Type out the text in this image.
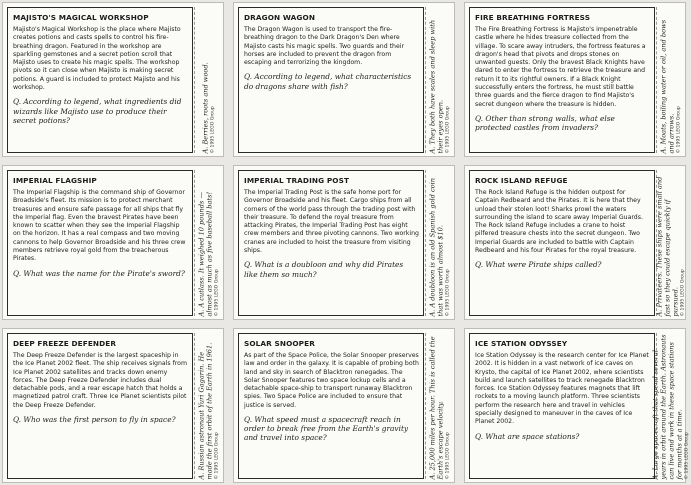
MAJISTO'S MAGICAL WORKSHOP

Majisto's Magical Workshop is the place where Majisto creates potions and casts spells to control his fire-breathing dragon. Featured in the workshop are sparkling gemstones and a secret potion scroll that Majisto uses to create his magic spells. The workshop pivots so it can close when Majisto is making secret potions. A guard is included to protect Majisto and his workshop.

Q. According to legend, what ingredients did wizards like Majisto use to produce their secret potions?	A. Berries, roots and wood. © 1995 LEGO Group

DRAGON WAGON

The Dragon Wagon is used to transport the fire-breathing dragon to the Dark Dragon's Den where Majisto casts his magic spells. Two guards and their horses are included to prevent the dragon from escaping and terrorizing the kingdom.

Q. According to legend, what characteristics do dragons share with fish?	A. They both have scales and sleep with their eyes open. © 1995 LEGO Group

FIRE BREATHING FORTRESS

The Fire Breathing Fortress is Majisto's impenetrable castle where he hides treasure collected from the village. To scare away intruders, the fortress features a dragon's head that pivots and drops stones on unwanted guests. Only the bravest Black Knights have dared to enter the fortress to retrieve the treasure and return it to its rightful owners. If a Black Knight successfully enters the fortress, he must still battle three guards and the fierce dragon to find Majisto's secret dungeon where the treasure is hidden.

Q. Other than strong walls, what else protected castles from invaders?	A. Moats, boiling water or oil, and bows and arrows. © 1995 LEGO Group

IMPERIAL FLAGSHIP

The Imperial Flagship is the command ship of Governor Broadside's fleet. Its mission is to protect merchant treasures and ensure safe passage for all ships that fly the Imperial flag. Even the bravest Pirates have been known to scatter when they see the Imperial Flagship on the horizon. It has a real compass and two moving cannons to help Governor Broadside and his three crew members retrieve royal gold from the treacherous Pirates.

Q. What was the name for the Pirate's sword?	A. A cutlass. It weighed 10 pounds — almost as much as five baseball bats! © 1995 LEGO Group

IMPERIAL TRADING POST

The Imperial Trading Post is the safe home port for Governor Broadside and his fleet. Cargo ships from all corners of the world pass through the trading post with their treasure. To defend the royal treasure from attacking Pirates, the Imperial Trading Post has eight crew members and three pivoting cannons. Two working cranes are included to hoist the treasure from visiting ships.

Q. What is a doubloon and why did Pirates like them so much?	A. A doubloon is an old Spanish gold coin that was worth almost $10. © 1995 LEGO Group

ROCK ISLAND REFUGE

The Rock Island Refuge is the hidden outpost for Captain Redbeard and the Pirates. It is here that they unload their stolen loot! Sharks prowl the waters surrounding the island to scare away Imperial Guards. The Rock Island Refuge includes a crane to hoist pilfered treasure chests into the secret dungeon. Two Imperial Guards are included to battle with Captain Redbeard and his four Pirates for the royal treasure.

Q. What were Pirate ships called?	A. Privateers. These ships were small and fast so they could escape quickly if pursued. © 1995 LEGO Group

DEEP FREEZE DEFENDER

The Deep Freeze Defender is the largest spaceship in the Ice Planet 2002 fleet. The ship receives signals from Ice Planet 2002 satellites and tracks down enemy forces. The Deep Freeze Defender includes dual detachable pods, and a rear escape hatch that holds a magnetized patrol craft. Three Ice Planet scientists pilot the Deep Freeze Defender.

Q. Who was the first person to fly in space?	A. Russian astronaut Yuri Gagarin. He made the first orbit of the Earth in 1961. © 1995 LEGO Group

SOLAR SNOOPER

As part of the Space Police, the Solar Snooper preserves law and order in the galaxy. It is capable of probing both land and sky in search of Blacktron renegades. The Solar Snooper features two space lockup cells and a detachable space-ship to transport runaway Blacktron spies. Two Space Police are included to ensure that justice is served.

Q. What speed must a spacecraft reach in order to break free from the Earth's gravity and travel into space?	A. 25,000 miles per hour. This is called the Earth's escape velocity. © 1995 LEGO Group

ICE STATION ODYSSEY

Ice Station Odyssey is the research center for Ice Planet 2002. It is hidden in a vast network of ice caves on Krysto, the capital of Ice Planet 2002, where scientists build and launch satellites to track renegade Blacktron forces. Ice Station Odyssey features magnets that lift rockets to a moving launch platform. Three scientists perform the research here and travel in vehicles specially designed to maneuver in the caves of Ice Planet 2002.

Q. What are space stations?	A. Large spacecraft that spend several years in orbit around the Earth. Astronauts can live and work in these space stations for months at a time. © 1995 LEGO Group
